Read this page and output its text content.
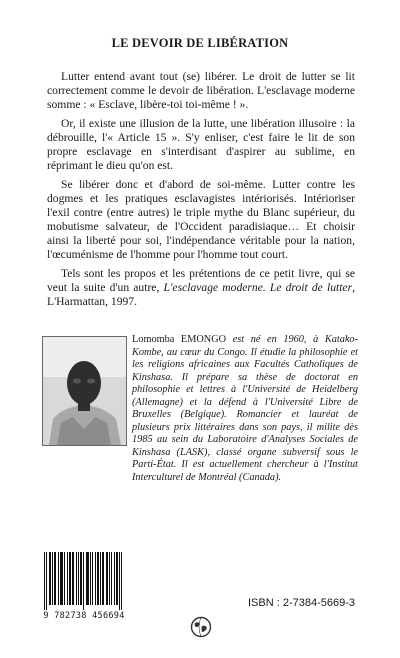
LE DEVOIR DE LIBÉRATION

Lutter entend avant tout (se) libérer. Le droit de lutter se lit correctement comme le devoir de libération. L'esclavage moderne somme : « Esclave, libère-toi toi-même ! ».

Or, il existe une illusion de la lutte, une libération illusoire : la débrouille, l'« Article 15 ». S'y enliser, c'est faire le lit de son propre esclavage en s'interdisant d'aspirer au sublime, en réprimant le dieu qu'on est.

Se libérer donc et d'abord de soi-même. Lutter contre les dogmes et les pratiques esclavagistes intériorisés. Intérioriser l'exil contre (entre autres) le triple mythe du Blanc supérieur, du mobutisme salvateur, de l'Occident paradisiaque… Et choisir ainsi la liberté pour soi, l'indépendance véritable pour la nation, l'œcuménisme de l'homme pour l'homme tout court.

Tels sont les propos et les prétentions de ce petit livre, qui se veut la suite d'un autre, L'esclavage moderne. Le droit de lutter, L'Harmattan, 1997.

Lomomba EMONGO est né en 1960, à Katako-Kombe, au cœur du Congo. Il étudie la philosophie et les religions africaines aux Facultés Catholiques de Kinshasa. Il prépare sa thèse de doctorat en philosophie et lettres à l'Université de Heidelberg (Allemagne) et la défend à l'Université Libre de Bruxelles (Belgique). Romancier et lauréat de plusieurs prix littéraires dans son pays, il milite dès 1985 au sein du Laboratoire d'Analyses Sociales de Kinshasa (LASK), classé organe subversif sous le Parti-État. Il est actuellement chercheur à l'Institut Interculturel de Montréal (Canada).

9 782738 456694
ISBN : 2-7384-5669-3
